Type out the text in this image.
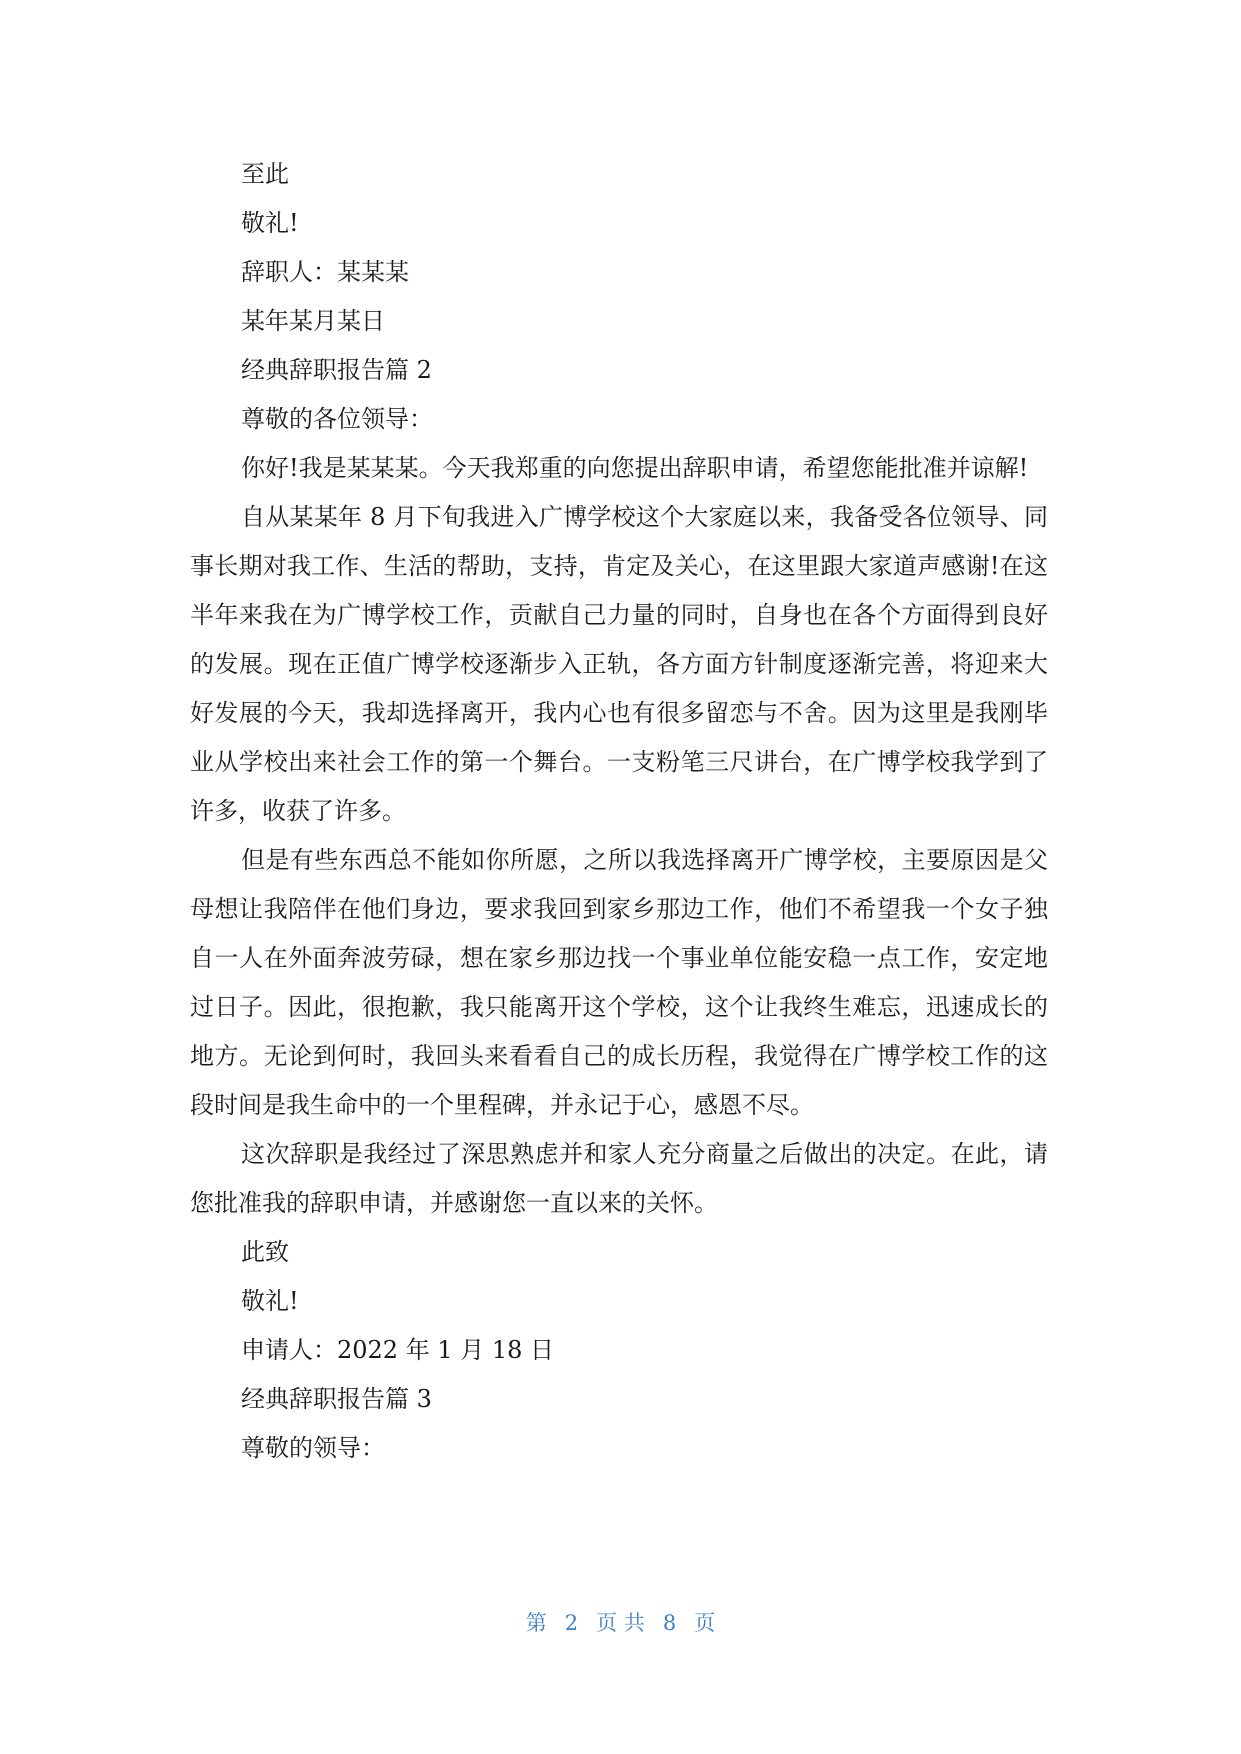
至此

敬礼!

辞职人：某某某

某年某月某日

经典辞职报告篇 2

尊敬的各位领导：

你好!我是某某某。今天我郑重的向您提出辞职申请，希望您能批准并谅解!

自从某某年 8 月下旬我进入广博学校这个大家庭以来，我备受各位领导、同事长期对我工作、生活的帮助，支持，肯定及关心，在这里跟大家道声感谢!在这半年来我在为广博学校工作，贡献自己力量的同时，自身也在各个方面得到良好的发展。现在正值广博学校逐渐步入正轨，各方面方针制度逐渐完善，将迎来大好发展的今天，我却选择离开，我内心也有很多留恋与不舍。因为这里是我刚毕业从学校出来社会工作的第一个舞台。一支粉笔三尺讲台，在广博学校我学到了许多，收获了许多。

但是有些东西总不能如你所愿，之所以我选择离开广博学校，主要原因是父母想让我陪伴在他们身边，要求我回到家乡那边工作，他们不希望我一个女子独自一人在外面奔波劳碌，想在家乡那边找一个事业单位能安稳一点工作，安定地过日子。因此，很抱歉，我只能离开这个学校，这个让我终生难忘，迅速成长的地方。无论到何时，我回头来看看自己的成长历程，我觉得在广博学校工作的这段时间是我生命中的一个里程碑，并永记于心，感恩不尽。

这次辞职是我经过了深思熟虑并和家人充分商量之后做出的决定。在此，请您批准我的辞职申请，并感谢您一直以来的关怀。

此致

敬礼!

申请人：2022 年 1 月 18 日

经典辞职报告篇 3

尊敬的领导：

第 2 页 共 8 页
